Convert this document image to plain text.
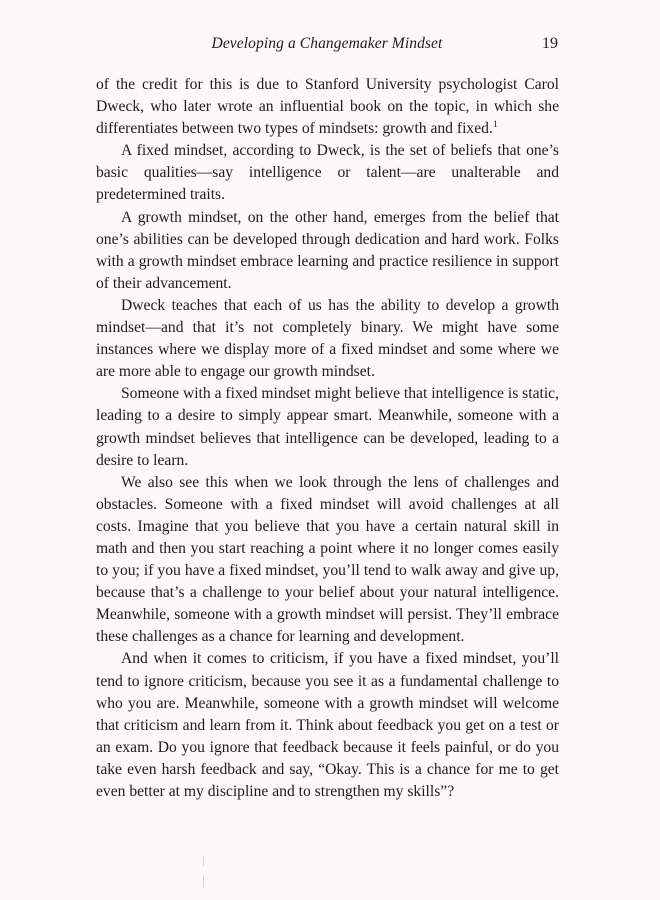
Developing a Changemaker Mindset	19

of the credit for this is due to Stanford University psychologist Carol Dweck, who later wrote an influential book on the topic, in which she differentiates between two types of mindsets: growth and fixed.$^1$

A fixed mindset, according to Dweck, is the set of beliefs that one’s basic qualities—say intelligence or talent—are unalterable and predetermined traits.

A growth mindset, on the other hand, emerges from the belief that one’s abilities can be developed through dedication and hard work. Folks with a growth mindset embrace learning and practice resilience in support of their advancement.

Dweck teaches that each of us has the ability to develop a growth mindset—and that it’s not completely binary. We might have some instances where we display more of a fixed mindset and some where we are more able to engage our growth mindset.

Someone with a fixed mindset might believe that intelligence is static, leading to a desire to simply appear smart. Meanwhile, someone with a growth mindset believes that intelligence can be developed, leading to a desire to learn.

We also see this when we look through the lens of challenges and obstacles. Someone with a fixed mindset will avoid challenges at all costs. Imagine that you believe that you have a certain natural skill in math and then you start reaching a point where it no longer comes easily to you; if you have a fixed mindset, you’ll tend to walk away and give up, because that’s a challenge to your belief about your natural intelligence. Meanwhile, someone with a growth mindset will persist. They’ll embrace these challenges as a chance for learning and development.

And when it comes to criticism, if you have a fixed mindset, you’ll tend to ignore criticism, because you see it as a fundamental challenge to who you are. Meanwhile, someone with a growth mindset will welcome that criticism and learn from it. Think about feedback you get on a test or an exam. Do you ignore that feedback because it feels painful, or do you take even harsh feedback and say, “Okay. This is a chance for me to get even better at my discipline and to strengthen my skills”?
